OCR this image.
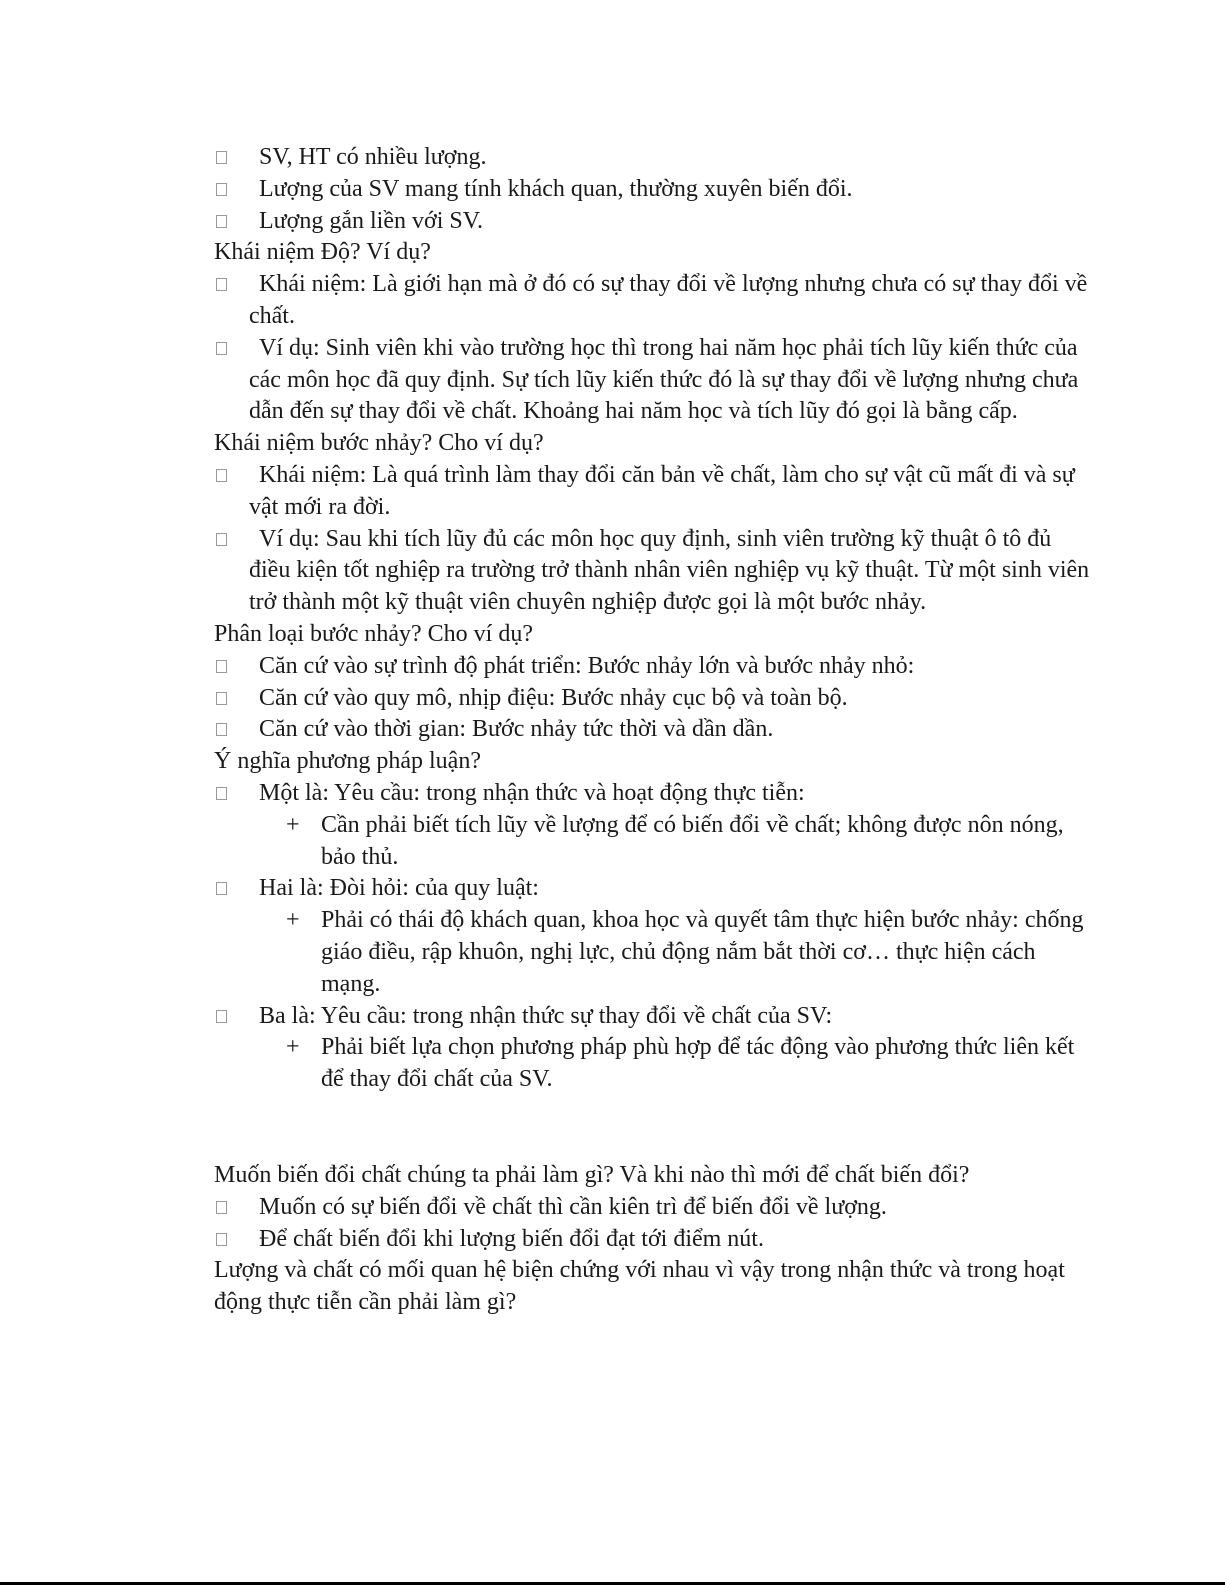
SV, HT có nhiều lượng.
Lượng của SV mang tính khách quan, thường xuyên biến đổi.
Lượng gắn liền với SV.

Khái niệm Độ? Ví dụ?

Khái niệm: Là giới hạn mà ở đó có sự thay đổi về lượng nhưng chưa có sự thay đổi về chất.
Ví dụ: Sinh viên khi vào trường học thì trong hai năm học phải tích lũy kiến thức của các môn học đã quy định. Sự tích lũy kiến thức đó là sự thay đổi về lượng nhưng chưa dẫn đến sự thay đổi về chất. Khoảng hai năm học và tích lũy đó gọi là bằng cấp.

Khái niệm bước nhảy? Cho ví dụ?

Khái niệm: Là quá trình làm thay đổi căn bản về chất, làm cho sự vật cũ mất đi và sự vật mới ra đời.
Ví dụ: Sau khi tích lũy đủ các môn học quy định, sinh viên trường kỹ thuật ô tô đủ điều kiện tốt nghiệp ra trường trở thành nhân viên nghiệp vụ kỹ thuật. Từ một sinh viên trở thành một kỹ thuật viên chuyên nghiệp được gọi là một bước nhảy.

Phân loại bước nhảy? Cho ví dụ?

Căn cứ vào sự trình độ phát triển: Bước nhảy lớn và bước nhảy nhỏ:
Căn cứ vào quy mô, nhịp điệu: Bước nhảy cục bộ và toàn bộ.
Căn cứ vào thời gian: Bước nhảy tức thời và dần dần.

Ý nghĩa phương pháp luận?

Một là: Yêu cầu: trong nhận thức và hoạt động thực tiễn:
+ Cần phải biết tích lũy về lượng để có biến đổi về chất; không được nôn nóng, bảo thủ.
Hai là: Đòi hỏi: của quy luật:
+ Phải có thái độ khách quan, khoa học và quyết tâm thực hiện bước nhảy: chống giáo điều, rập khuôn, nghị lực, chủ động nắm bắt thời cơ… thực hiện cách mạng.
Ba là: Yêu cầu: trong nhận thức sự thay đổi về chất của SV:
+ Phải biết lựa chọn phương pháp phù hợp để tác động vào phương thức liên kết để thay đổi chất của SV.

Muốn biến đổi chất chúng ta phải làm gì? Và khi nào thì mới để chất biến đổi?

Muốn có sự biến đổi về chất thì cần kiên trì để biến đổi về lượng.
Để chất biến đổi khi lượng biến đổi đạt tới điểm nút.

Lượng và chất có mối quan hệ biện chứng với nhau vì vậy trong nhận thức và trong hoạt động thực tiễn cần phải làm gì?
